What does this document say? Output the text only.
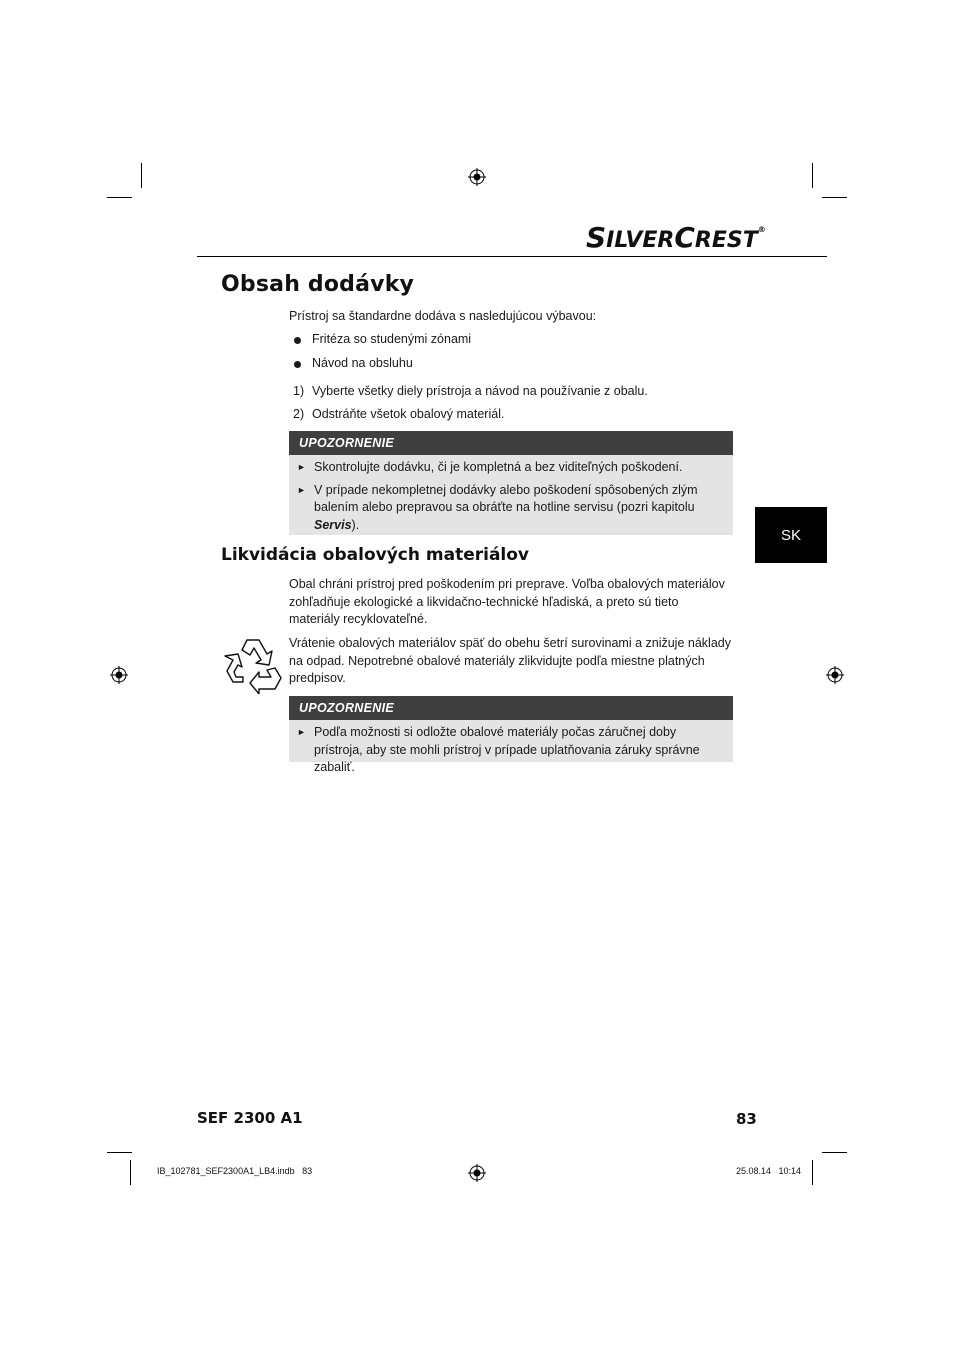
SILVERCREST®
Obsah dodávky
Prístroj sa štandardne dodáva s nasledujúcou výbavou:
Fritéza so studenými zónami
Návod na obsluhu
1) Vyberte všetky diely prístroja a návod na používanie z obalu.
2) Odstráňte všetok obalový materiál.
UPOZORNENIE
► Skontrolujte dodávku, či je kompletná a bez viditeľných poškodení.
► V prípade nekompletnej dodávky alebo poškodení spôsobených zlým balením alebo prepravou sa obráťte na hotline servisu (pozri kapitolu Servis).
SK
Likvidácia obalových materiálov
Obal chráni prístroj pred poškodením pri preprave. Voľba obalových materiálov zohľadňuje ekologické a likvidačno-technické hľadiská, a preto sú tieto materiály recyklovateľné.
Vrátenie obalových materiálov späť do obehu šetrí surovinami a znižuje náklady na odpad. Nepotrebné obalové materiály zlikvidujte podľa miestne platných predpisov.
UPOZORNENIE
► Podľa možnosti si odložte obalové materiály počas záručnej doby prístroja, aby ste mohli prístroj v prípade uplatňovania záruky správne zabaliť.
SEF 2300 A1	83
IB_102781_SEF2300A1_LB4.indb   83	25.08.14   10:14
